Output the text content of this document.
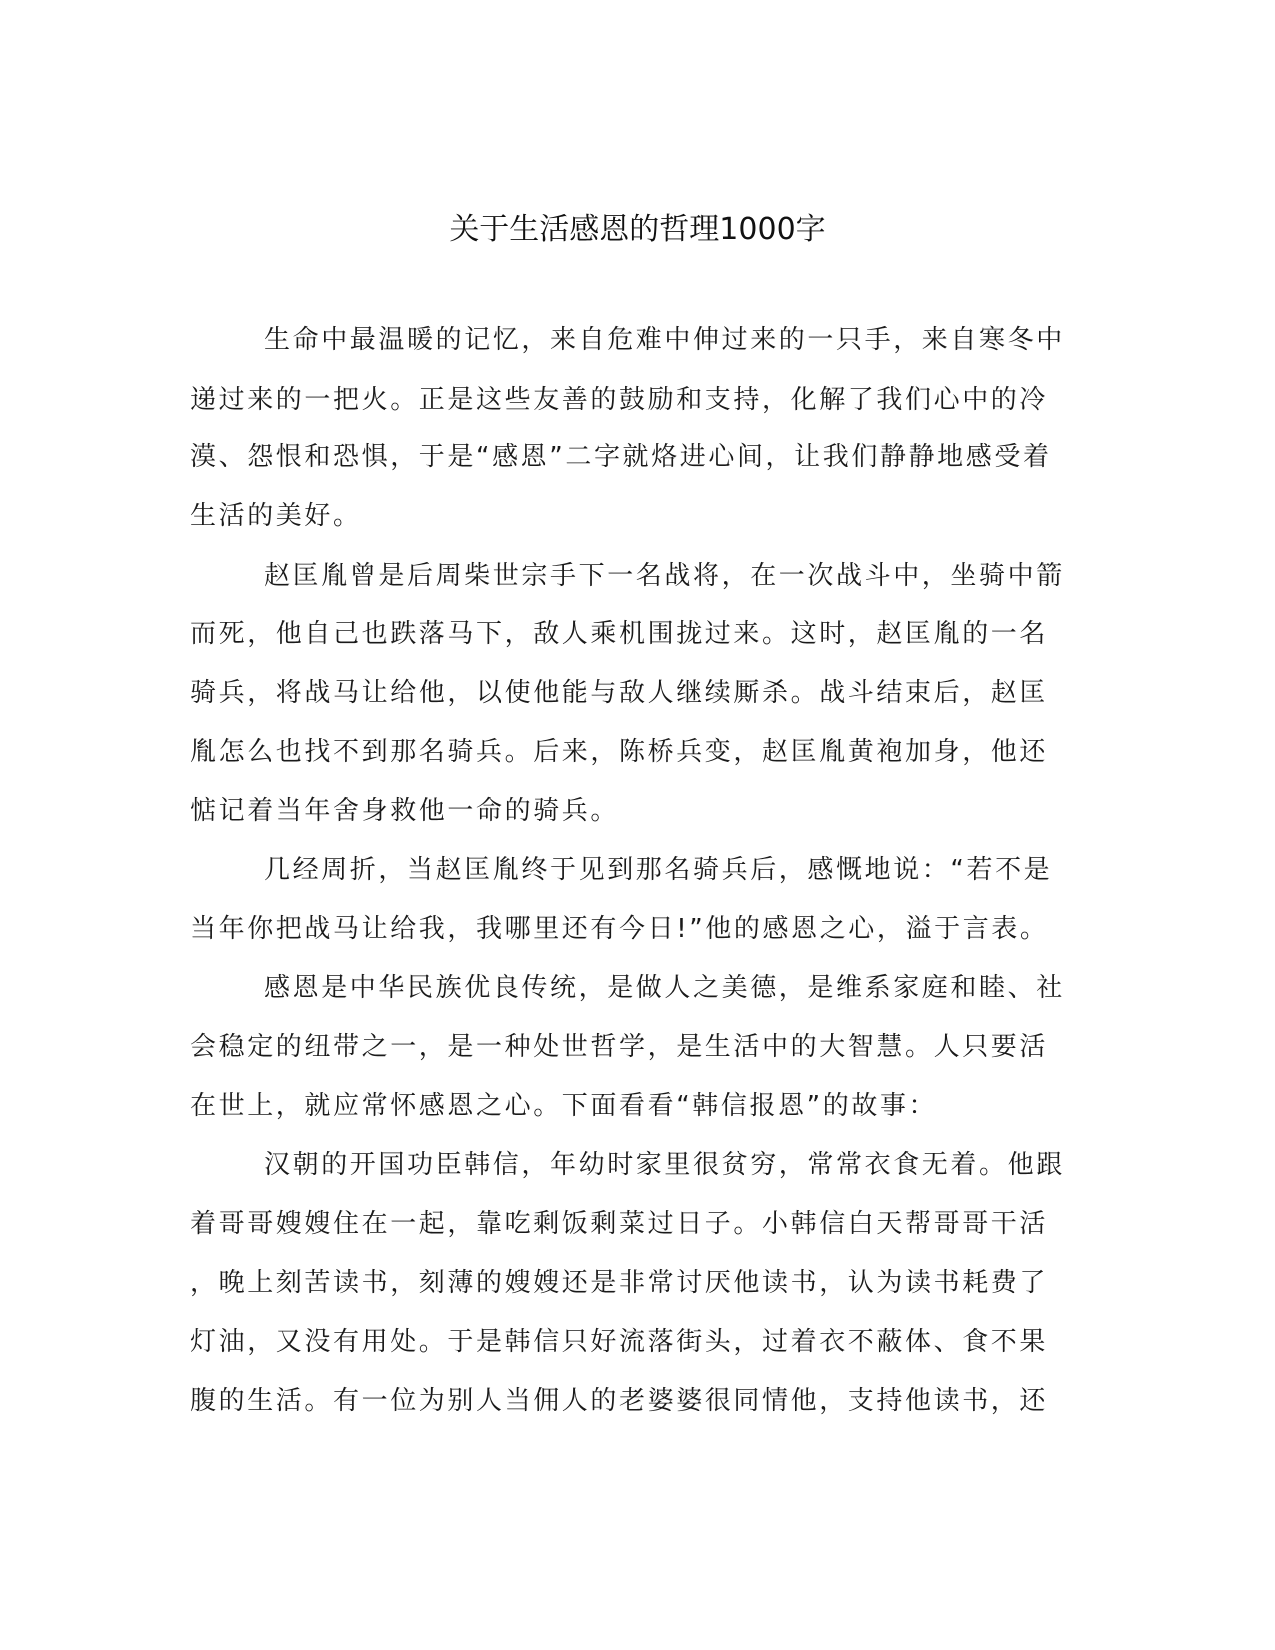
关于生活感恩的哲理1000字
生命中最温暖的记忆，来自危难中伸过来的一只手，来自寒冬中
递过来的一把火。正是这些友善的鼓励和支持，化解了我们心中的冷
漠、怨恨和恐惧，于是“感恩”二字就烙进心间，让我们静静地感受着
生活的美好。
赵匡胤曾是后周柴世宗手下一名战将，在一次战斗中，坐骑中箭
而死，他自己也跌落马下，敌人乘机围拢过来。这时，赵匡胤的一名
骑兵，将战马让给他，以使他能与敌人继续厮杀。战斗结束后，赵匡
胤怎么也找不到那名骑兵。后来，陈桥兵变，赵匡胤黄袍加身，他还
惦记着当年舍身救他一命的骑兵。
几经周折，当赵匡胤终于见到那名骑兵后，感慨地说：“若不是
当年你把战马让给我，我哪里还有今日!”他的感恩之心，溢于言表。
感恩是中华民族优良传统，是做人之美德，是维系家庭和睦、社
会稳定的纽带之一，是一种处世哲学，是生活中的大智慧。人只要活
在世上，就应常怀感恩之心。下面看看“韩信报恩”的故事：
汉朝的开国功臣韩信，年幼时家里很贫穷，常常衣食无着。他跟
着哥哥嫂嫂住在一起，靠吃剩饭剩菜过日子。小韩信白天帮哥哥干活
，晚上刻苦读书，刻薄的嫂嫂还是非常讨厌他读书，认为读书耗费了
灯油，又没有用处。于是韩信只好流落街头，过着衣不蔽体、食不果
腹的生活。有一位为别人当佣人的老婆婆很同情他，支持他读书，还
